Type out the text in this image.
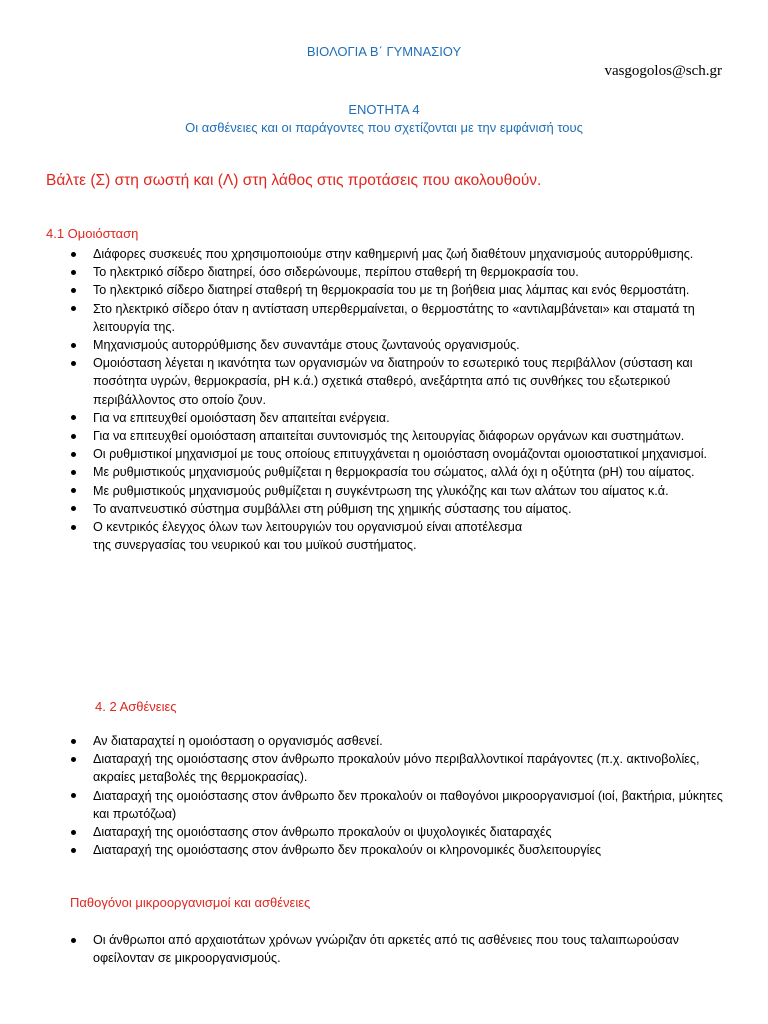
ΒΙΟΛΟΓΙΑ Β΄ ΓΥΜΝΑΣΙΟΥ
vasgogolos@sch.gr
ΕΝΟΤΗΤΑ 4
Οι ασθένειες και οι παράγοντες που σχετίζονται με την εμφάνισή τους
Βάλτε (Σ) στη σωστή και (Λ) στη λάθος στις προτάσεις που ακολουθούν.
4.1 Ομοιόσταση
Διάφορες συσκευές που χρησιμοποιούμε στην καθημερινή μας ζωή διαθέτουν μηχανισμούς αυτορρύθμισης.
Το ηλεκτρικό σίδερο διατηρεί, όσο σιδερώνουμε, περίπου σταθερή τη θερμοκρασία του.
Το ηλεκτρικό σίδερο διατηρεί σταθερή τη θερμοκρασία του με τη βοήθεια μιας λάμπας και ενός θερμοστάτη.
Στο ηλεκτρικό σίδερο όταν η αντίσταση υπερθερμαίνεται, ο θερμοστάτης το «αντιλαμβάνεται» και σταματά τη λειτουργία της.
Μηχανισμούς αυτορρύθμισης δεν συναντάμε στους ζωντανούς οργανισμούς.
Ομοιόσταση λέγεται η ικανότητα των οργανισμών να διατηρούν το εσωτερικό τους περιβάλλον (σύσταση και ποσότητα υγρών, θερμοκρασία, pH κ.ά.) σχετικά σταθερό, ανεξάρτητα από τις συνθήκες του εξωτερικού περιβάλλοντος στο οποίο ζουν.
Για να επιτευχθεί ομοιόσταση δεν απαιτείται ενέργεια.
Για να επιτευχθεί ομοιόσταση απαιτείται συντονισμός της λειτουργίας διάφορων οργάνων και συστημάτων.
Οι ρυθμιστικοί μηχανισμοί με τους οποίους επιτυγχάνεται η ομοιόσταση ονομάζονται ομοιοστατικοί μηχανισμοί.
Με ρυθμιστικούς μηχανισμούς ρυθμίζεται η θερμοκρασία του σώματος, αλλά όχι η οξύτητα (pH) του αίματος.
Με ρυθμιστικούς μηχανισμούς ρυθμίζεται η συγκέντρωση της γλυκόζης και των αλάτων του αίματος κ.ά.
Το αναπνευστικό σύστημα συμβάλλει στη ρύθμιση της χημικής σύστασης του αίματος.
Ο κεντρικός έλεγχος όλων των λειτουργιών του οργανισμού είναι αποτέλεσμα
της συνεργασίας του νευρικού και του μυϊκού συστήματος.
4. 2 Ασθένειες
Αν διαταραχτεί η ομοιόσταση ο οργανισμός ασθενεί.
Διαταραχή της ομοιόστασης στον άνθρωπο προκαλούν μόνο περιβαλλοντικοί παράγοντες (π.χ. ακτινοβολίες, ακραίες μεταβολές της θερμοκρασίας).
Διαταραχή της ομοιόστασης στον άνθρωπο δεν προκαλούν οι παθογόνοι μικροοργανισμοί (ιοί, βακτήρια, μύκητες και πρωτόζωα)
Διαταραχή της ομοιόστασης στον άνθρωπο προκαλούν οι ψυχολογικές διαταραχές
Διαταραχή της ομοιόστασης στον άνθρωπο δεν προκαλούν οι κληρονομικές δυσλειτουργίες
Παθογόνοι μικροοργανισμοί και ασθένειες
Οι άνθρωποι από αρχαιοτάτων χρόνων γνώριζαν ότι αρκετές από τις ασθένειες που τους ταλαιπωρούσαν οφείλονταν σε μικροοργανισμούς.
